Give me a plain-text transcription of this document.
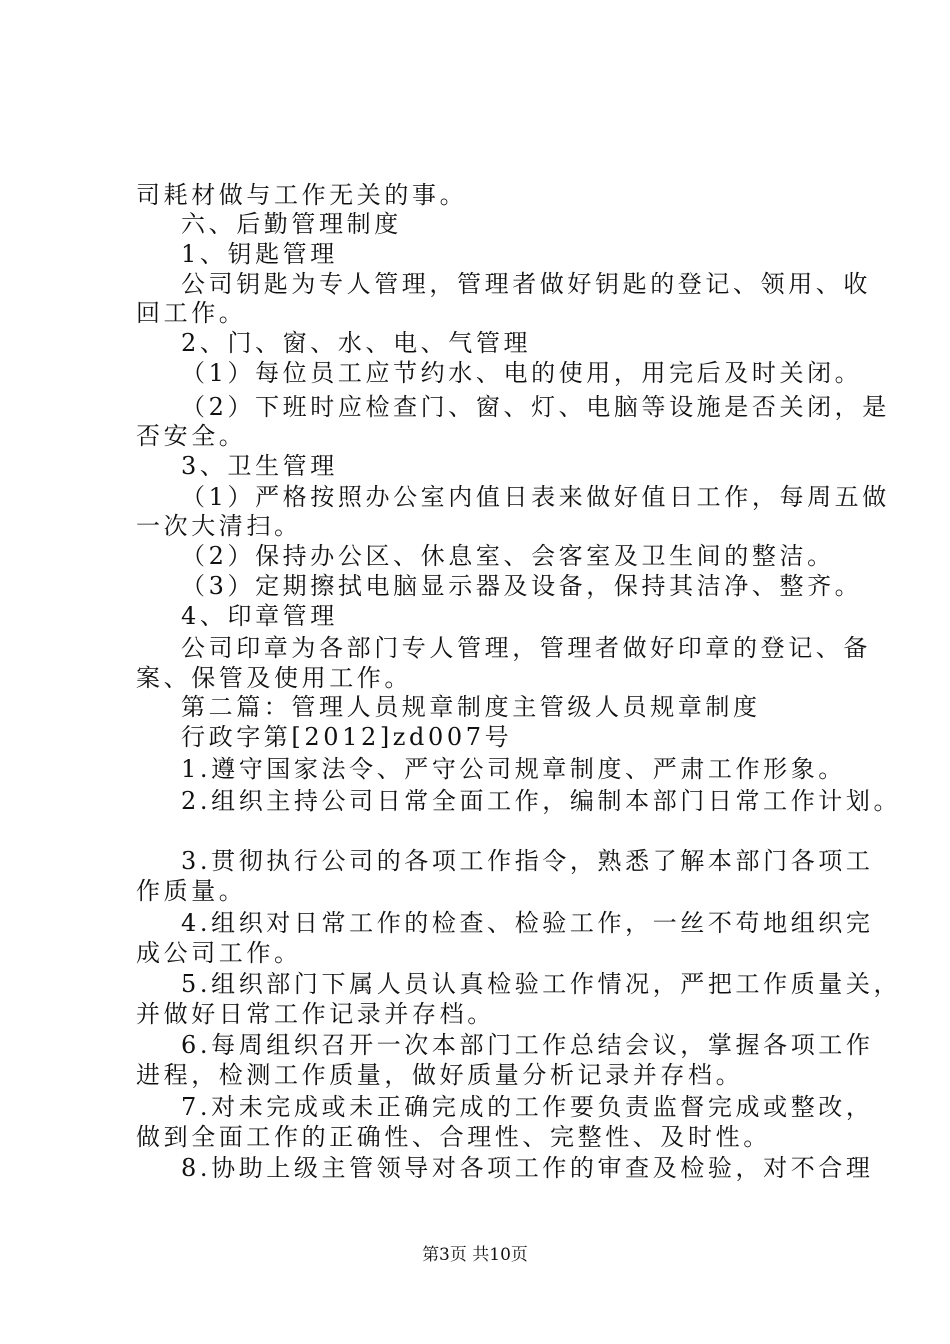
司耗材做与工作无关的事。
六、后勤管理制度
1、钥匙管理
公司钥匙为专人管理，管理者做好钥匙的登记、领用、收
回工作。
2、门、窗、水、电、气管理
（1）每位员工应节约水、电的使用，用完后及时关闭。
（2）下班时应检查门、窗、灯、电脑等设施是否关闭，是
否安全。
3、卫生管理
（1）严格按照办公室内值日表来做好值日工作，每周五做
一次大清扫。
（2）保持办公区、休息室、会客室及卫生间的整洁。
（3）定期擦拭电脑显示器及设备，保持其洁净、整齐。
4、印章管理
公司印章为各部门专人管理，管理者做好印章的登记、备
案、保管及使用工作。
第二篇：管理人员规章制度主管级人员规章制度
行政字第[2012]zd007号
1.遵守国家法令、严守公司规章制度、严肃工作形象。
2.组织主持公司日常全面工作，编制本部门日常工作计划。
3.贯彻执行公司的各项工作指令，熟悉了解本部门各项工
作质量。
4.组织对日常工作的检查、检验工作，一丝不苟地组织完
成公司工作。
5.组织部门下属人员认真检验工作情况，严把工作质量关，
并做好日常工作记录并存档。
6.每周组织召开一次本部门工作总结会议，掌握各项工作
进程，检测工作质量，做好质量分析记录并存档。
7.对未完成或未正确完成的工作要负责监督完成或整改，
做到全面工作的正确性、合理性、完整性、及时性。
8.协助上级主管领导对各项工作的审查及检验，对不合理
第3页 共10页
